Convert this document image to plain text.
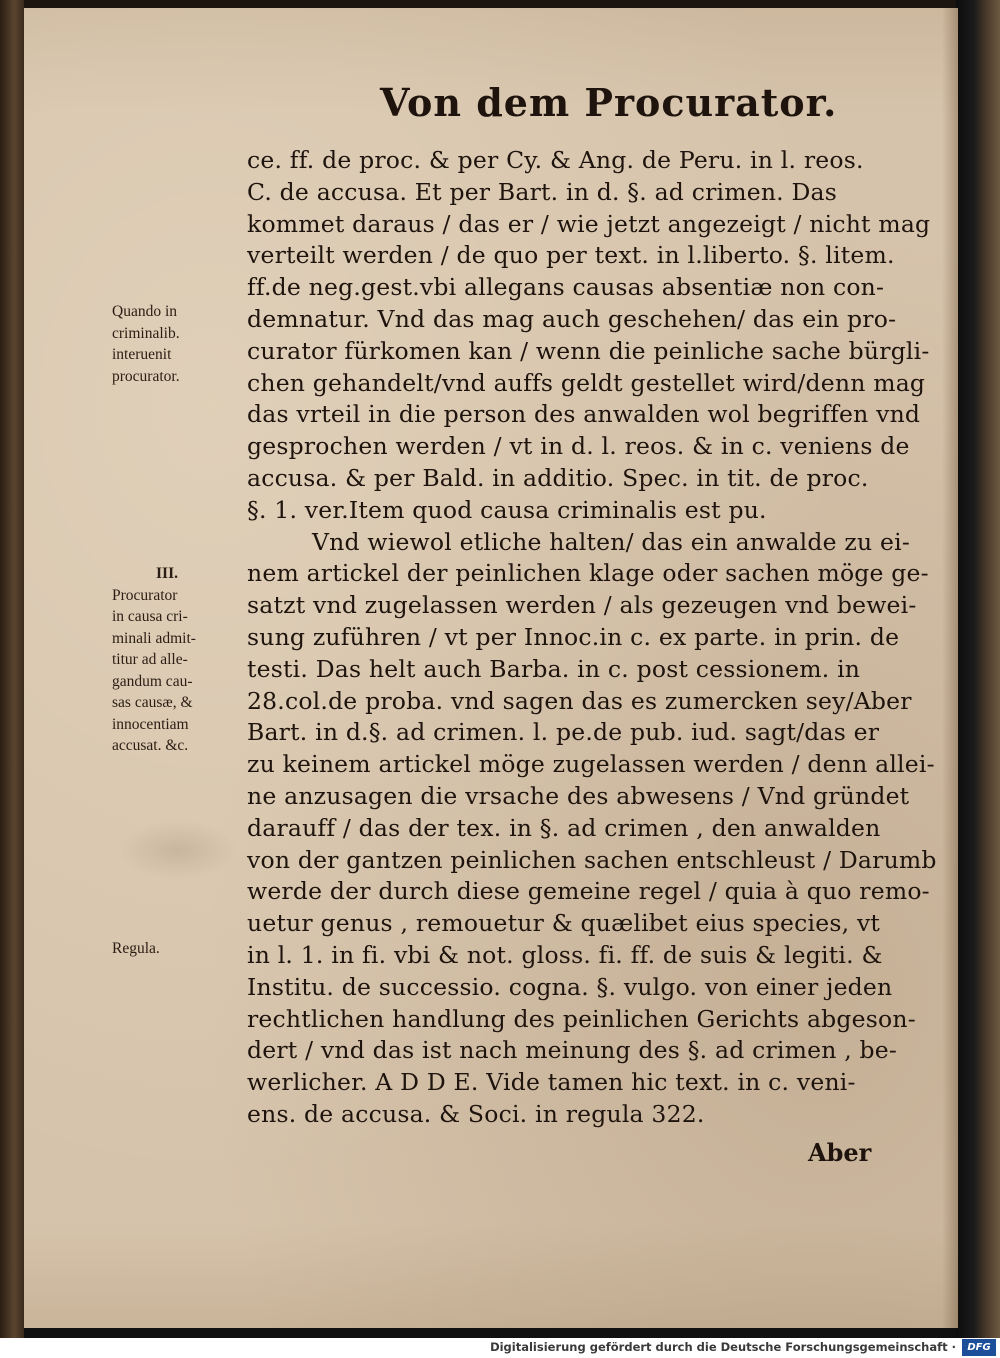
Von dem Procurator.
ce. ff. de proc. & per Cy. & Ang. de Peru. in l. reos.
C. de accusa. Et per Bart. in d. §. ad crimen. Das
kommet daraus / das er / wie jetzt angezeigt / nicht mag
verteilt werden / de quo per text. in l.liberto. §. litem.
ff.de neg.gest.vbi allegans causas absentiæ non con-
demnatur. Vnd das mag auch geschehen/ das ein pro-
curator fürkomen kan / wenn die peinliche sache bürgli-
chen gehandelt/vnd auffs geldt gestellet wird/denn mag
das vrteil in die person des anwalden wol begriffen vnd
gesprochen werden / vt in d. l. reos. & in c. veniens de
accusa. & per Bald. in additio. Spec. in tit. de proc.
§. 1. ver.Item quod causa criminalis est pu.
Vnd wiewol etliche halten/ das ein anwalde zu ei-
nem artickel der peinlichen klage oder sachen möge ge-
satzt vnd zugelassen werden / als gezeugen vnd bewei-
sung zuführen / vt per Innoc.in c. ex parte. in prin. de
testi. Das helt auch Barba. in c. post cessionem. in
28.col.de proba. vnd sagen das es zumercken sey/Aber
Bart. in d.§. ad crimen. l. pe.de pub. iud. sagt/das er
zu keinem artickel möge zugelassen werden / denn allei-
ne anzusagen die vrsache des abwesens / Vnd gründet
darauff / das der tex. in §. ad crimen , den anwalden
von der gantzen peinlichen sachen entschleust / Darumb
werde der durch diese gemeine regel / quia à quo remo-
uetur genus , remouetur & quælibet eius species, vt
in l. 1. in fi. vbi & not. gloss. fi. ff. de suis & legiti. &
Institu. de successio. cogna. §. vulgo. von einer jeden
rechtlichen handlung des peinlichen Gerichts abgeson-
dert / vnd das ist nach meinung des §. ad crimen , be-
werlicher. A D D E. Vide tamen hic text. in c. veni-
ens. de accusa. & Soci. in regula 322.
Quando in
criminalib.
interuenit
procurator.
III.
Procurator
in causa cri-
minali admit-
titur ad alle-
gandum cau-
sas causæ, &
innocentiam
accusat. &c.
Regula.
Aber
Digitalisierung gefördert durch die Deutsche Forschungsgemeinschaft ·	DFG
